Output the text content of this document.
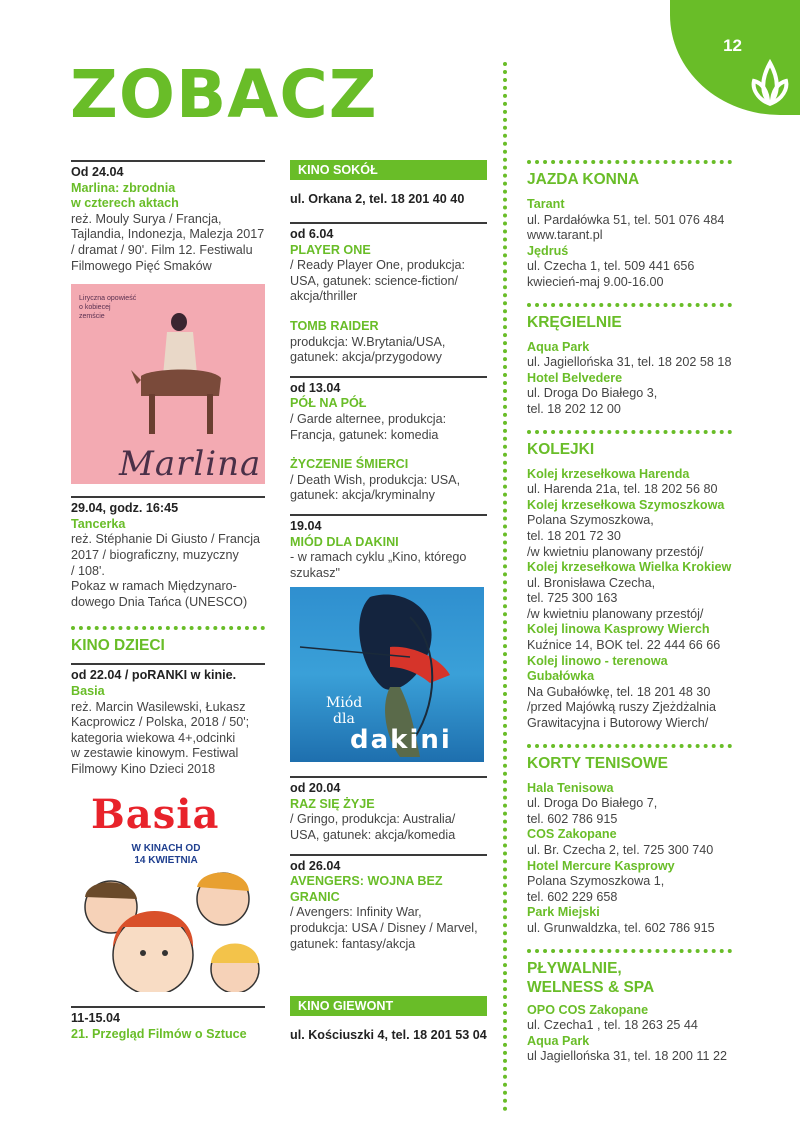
12
ZOBACZ
Od 24.04
Marlina: zbrodnia
w czterech aktach
reż. Mouly Surya / Francja,
Tajlandia, Indonezja, Malezja 2017
/ dramat / 90'. Film 12. Festiwalu
Filmowego Pięć Smaków
Liryczna opowieść
o kobiecej
zemście
Marlina
29.04, godz. 16:45
Tancerka
reż. Stéphanie Di Giusto / Francja
2017 / biograficzny, muzyczny
/ 108'.
Pokaz w ramach Międzynaro-
dowego Dnia Tańca (UNESCO)
KINO DZIECI
od 22.04 / poRANKI w kinie.
Basia
reż. Marcin Wasilewski, Łukasz
Kacprowicz / Polska, 2018 / 50';
kategoria wiekowa 4+,odcinki
w zestawie kinowym. Festiwal
Filmowy Kino Dzieci 2018
Basia
W KINACH OD
14 KWIETNIA
11-15.04
21. Przegląd Filmów o Sztuce
KINO SOKÓŁ
ul. Orkana 2, tel. 18 201 40 40
od 6.04
PLAYER ONE
/ Ready Player One, produkcja:
USA, gatunek: science-fiction/
akcja/thriller
TOMB RAIDER
produkcja: W.Brytania/USA,
gatunek: akcja/przygodowy
od 13.04
PÓŁ NA PÓŁ
/ Garde alternee, produkcja:
Francja, gatunek: komedia
ŻYCZENIE ŚMIERCI
/ Death Wish, produkcja: USA,
gatunek: akcja/kryminalny
19.04
MIÓD DLA DAKINI
- w ramach cyklu „Kino, którego
szukasz"
Miód
dla
dakini
od 20.04
RAZ SIĘ ŻYJE
/ Gringo, produkcja: Australia/
USA, gatunek: akcja/komedia
od 26.04
AVENGERS: WOJNA BEZ
GRANIC
/ Avengers: Infinity War,
produkcja: USA / Disney / Marvel,
gatunek: fantasy/akcja
KINO GIEWONT
ul. Kościuszki 4, tel. 18 201 53 04
JAZDA KONNA
Tarant
ul. Pardałówka 51, tel. 501 076 484
www.tarant.pl
Jędruś
ul. Czecha 1, tel. 509 441 656
kwiecień-maj 9.00-16.00
KRĘGIELNIE
Aqua Park
ul. Jagiellońska 31, tel. 18 202 58 18
Hotel Belvedere
ul. Droga Do Białego 3,
tel. 18 202 12 00
KOLEJKI
Kolej krzesełkowa Harenda
ul. Harenda 21a, tel. 18 202 56 80
Kolej krzesełkowa Szymoszkowa
Polana Szymoszkowa,
tel. 18 201 72 30
/w kwietniu planowany przestój/
Kolej krzesełkowa Wielka Krokiew
ul. Bronisława Czecha,
tel. 725 300 163
/w kwietniu planowany przestój/
Kolej linowa Kasprowy Wierch
Kuźnice 14, BOK tel. 22 444 66 66
Kolej linowo - terenowa Gubałówka
Na Gubałówkę, tel. 18 201 48 30
/przed Majówką ruszy Zjeżdżalnia
Grawitacyjna i Butorowy Wierch/
KORTY TENISOWE
Hala Tenisowa
ul. Droga Do Białego 7,
tel. 602 786 915
COS Zakopane
ul. Br. Czecha 2, tel. 725 300 740
Hotel Mercure Kasprowy
Polana Szymoszkowa 1,
tel. 602 229 658
Park Miejski
ul. Grunwaldzka, tel. 602 786 915
PŁYWALNIE,
WELNESS & SPA
OPO COS Zakopane
ul. Czecha1 , tel. 18 263 25 44
Aqua Park
ul Jagiellońska 31, tel. 18 200 11 22
